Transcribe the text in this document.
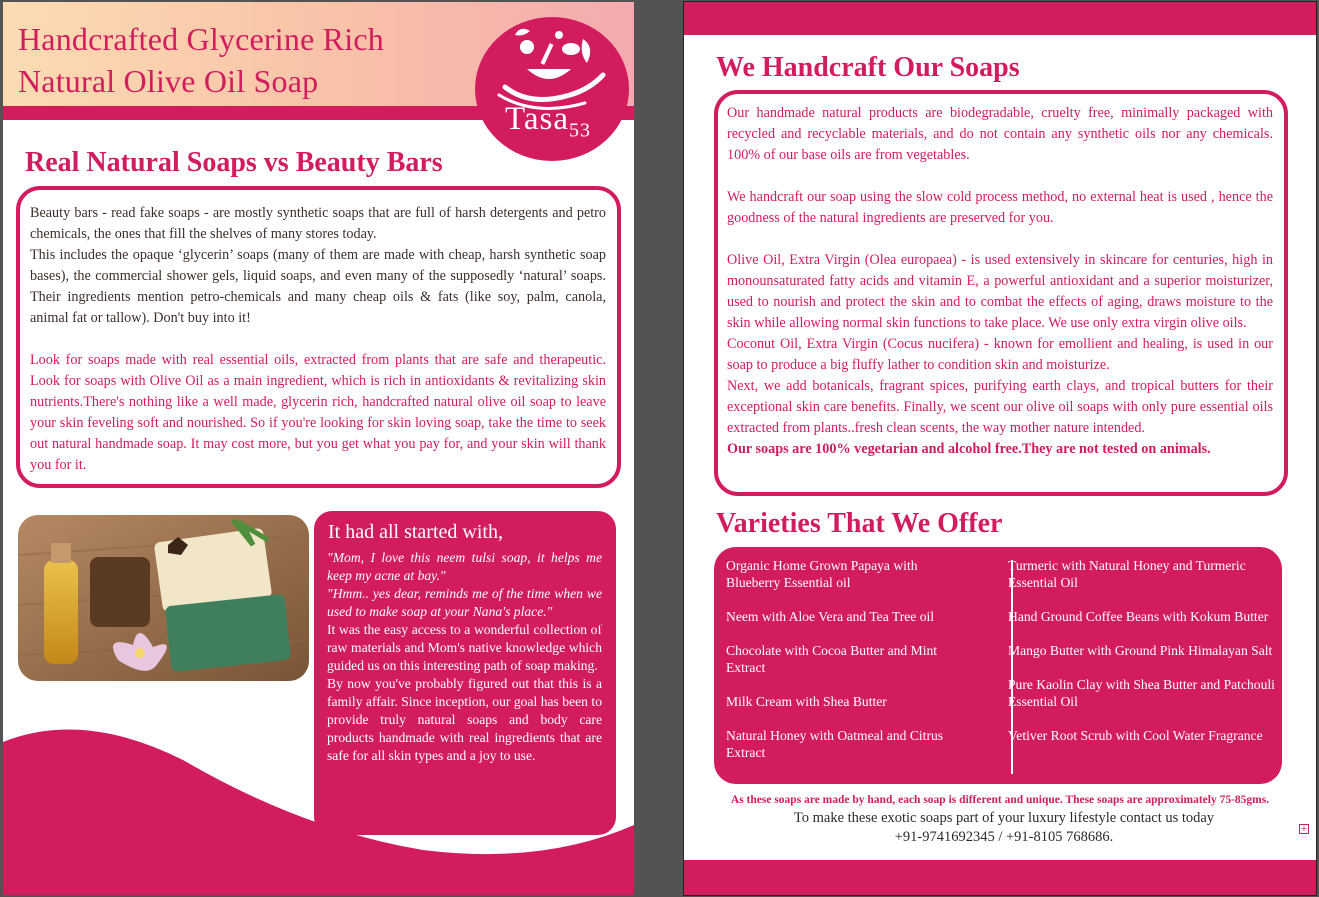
Handcrafted Glycerine Rich
Natural Olive Oil Soap
Tasa$_{53}$
Real Natural Soaps vs Beauty Bars
Beauty bars - read fake soaps - are mostly synthetic soaps that are full of harsh detergents and petro chemicals, the ones that fill the shelves of many stores today.
This includes the opaque ‘glycerin’ soaps (many of them are made with cheap, harsh synthetic soap bases), the commercial shower gels, liquid soaps, and even many of the supposedly ‘natural’ soaps. Their ingredients mention petro-chemicals and many cheap oils & fats (like soy, palm, canola, animal fat or tallow). Don't buy into it!
Look for soaps made with real essential oils, extracted from plants that are safe and therapeutic. Look for soaps with Olive Oil as a main ingredient, which is rich in antioxidants & revitalizing skin nutrients.There's nothing like a well made, glycerin rich, handcrafted natural olive oil soap to leave your skin feveling soft and nourished. So if you're looking for skin loving soap, take the time to seek out natural handmade soap. It may cost more, but you get what you pay for, and your skin will thank you for it.
It had all started with,
"Mom, I love this neem tulsi soap, it helps me keep my acne at bay."
"Hmm.. yes dear, reminds me of the time when we used to make soap at your Nana's place."
It was the easy access to a wonderful collection of raw materials and Mom's native knowledge which guided us on this interesting path of soap making.
By now you've probably figured out that this is a family affair. Since inception, our goal has been to provide truly natural soaps and body care products handmade with real ingredients that are safe for all skin types and a joy to use.
+
We Handcraft Our Soaps
Our handmade natural products are biodegradable, cruelty free, minimally packaged with recycled and recyclable materials, and do not contain any synthetic oils nor any chemicals. 100% of our base oils are from vegetables.
We handcraft our soap using the slow cold process method, no external heat is used , hence the goodness of the natural ingredients are preserved for you.
Olive Oil, Extra Virgin (Olea europaea) - is used extensively in skincare for centuries, high in monounsaturated fatty acids and vitamin E, a powerful antioxidant and a superior moisturizer, used to nourish and protect the skin and to combat the effects of aging, draws moisture to the skin while allowing normal skin functions to take place. We use only extra virgin olive oils.
Coconut Oil, Extra Virgin (Cocus nucifera) - known for emollient and healing, is used in our soap to produce a big fluffy lather to condition skin and moisturize.
Next, we add botanicals, fragrant spices, purifying earth clays, and tropical butters for their exceptional skin care benefits. Finally, we scent our olive oil soaps with only pure essential oils extracted from plants..fresh clean scents, the way mother nature intended.
Our soaps are 100% vegetarian and alcohol free.They are not tested on animals.
Varieties That We Offer
Organic Home Grown Papaya with Blueberry Essential oil
Neem with Aloe Vera and Tea Tree oil
Chocolate with Cocoa Butter and Mint Extract
Milk Cream with Shea Butter
Natural Honey with Oatmeal and Citrus Extract
Turmeric with Natural Honey and Turmeric Essential Oil
Hand Ground Coffee Beans with Kokum Butter
Mango Butter with Ground Pink Himalayan Salt
Pure Kaolin Clay with Shea Butter and Patchouli Essential Oil
Vetiver Root Scrub with Cool Water Fragrance
As these soaps are made by hand, each soap is different and unique. These soaps are approximately 75-85gms.
To make these exotic soaps part of your luxury lifestyle contact us today
+91-9741692345 / +91-8105 768686.
+
